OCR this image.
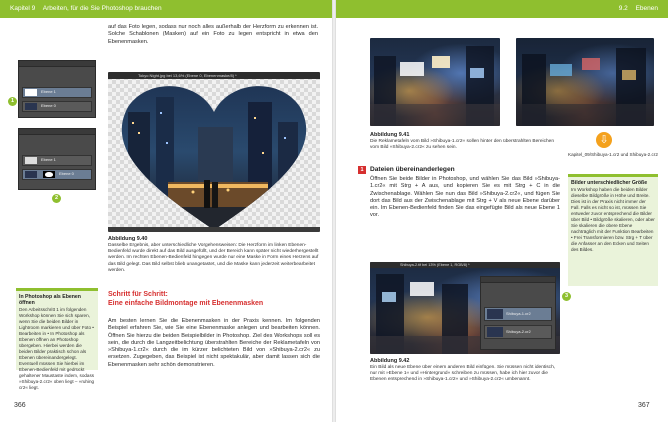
Kapitel 9 Arbeiten, für die Sie Photoshop brauchen	9.2 Ebenen
auf das Foto legen, sodass nur noch alles außerhalb der Herzform zu erkennen ist. Solche Schablonen (Masken) auf ein Foto zu legen entspricht in etwa den Ebenenmasken.
Ebene 1
Ebene 0
1
Ebene 1
Ebene 0
2
Tokyo Night.jpg bei 13,6% (Ebene 0, Ebenenmaske/8) *
Abbildung 9.40
Dasselbe Ergebnis, aber unterschiedliche Vorgehensweisen: Die Herzform im linken Ebenen-Bedienfeld wurde direkt auf das Bild ausgefüllt, und der Bereich kann später nicht wiederhergestellt werden. Im rechten Ebenen-Bedienfeld hingegen wurde nur eine Maske in Form eines Herzens auf das Bild gelegt. Das Bild selbst blieb unangetastet, und die Maske kann jederzeit weiterbearbeitet werden.
Schritt für Schritt:
Eine einfache Bildmontage mit Ebenenmasken
Am besten lernen Sie die Ebenenmasken in der Praxis kennen. Im folgenden Beispiel erfahren Sie, wie Sie eine Ebenenmaske anlegen und bearbeiten können. Öffnen Sie hierzu die beiden Beispielbilder in Photoshop. Ziel des Workshops soll es sein, die durch die Langzeitbelichtung überstrahlten Bereiche der Reklametafeln von »Shibuya-1.cr2« durch die im kürzer belichteten Bild von »Shibuya-2.cr2« zu ersetzen. Zugegeben, das Beispiel ist nicht spektakulär, aber damit lassen sich die Ebenenmasken sehr schön demonstrieren.
In Photoshop als Ebenen öffnen
Den Arbeitsschritt 1 im folgenden Workshop können Sie sich sparen, wenn Sie die beiden Bilder in Lightroom markieren und über Foto • Bearbeiten in • In Photoshop als Ebenen öffnen an Photoshop übergeben. Hierbei werden die beiden Bilder praktisch schon als Ebenen übereinandergelegt. Eventuell müssen Sie hierbei im Ebenen-Bedienfeld mit gedrückt gehaltener Maustaste indem, sodass »Shibuya-2.cr2« oben liegt – »ruhing cr2« liegt.
366
Abbildung 9.41
Die Reklametafeln vom Bild »Shibuya-1.cr2« sollen hinter den überstrahlten Bereichen vom Bild »Shibuya-2.cr2« zu sehen sein.
1 Dateien übereinanderlegen
Öffnen Sie beide Bilder in Photoshop, und wählen Sie das Bild »Shibuya-1.cr2« mit Strg + A aus, und kopieren Sie es mit Strg + C in die Zwischenablage. Wählen Sie nun das Bild »Shibuya-2.cr2«, und fügen Sie dort das Bild aus der Zwischenablage mit Strg + V als neue Ebene darüber ein. Im Ebenen-Bedienfeld finden Sie das eingefügte Bild als neue Ebene 1 vor.
Shibuya-2.tif bei 13% (Ebene 1, RGB/8) *
Shibuya-1.cr2
Shibuya-2.cr2
3
Abbildung 9.42
Ein Bild als neue Ebene über einem anderen Bild einfügen. Sie müssen nicht identisch, nur mit »Ebene 1« und »Hintergrund« schreiben zu müssen, habe ich hier zuvor die Ebenen entsprechend in »Shibuya-1.cr2« und »Shibuya-2.cr2« umbenannt.
⇩
Kapitel_09/Shibuya-1.cr2 und Shibuya-2.cr2
Bilder unterschiedlicher Größe
Im Workshop haben die beiden Bilder dieselbe Bildgröße in Höhe und Breite. Dies ist in der Praxis nicht immer der Fall. Falls es nicht so ist, müssen Sie entweder zuvor entsprechend die Bilder über Bild • Bildgröße skalieren, oder aber Sie skalieren die obere Ebene nachträglich mit der Funktion Bearbeiten • Frei Transformieren bzw. Strg + T über die Anfasser an den Ecken und Seiten des Bildes.
367
